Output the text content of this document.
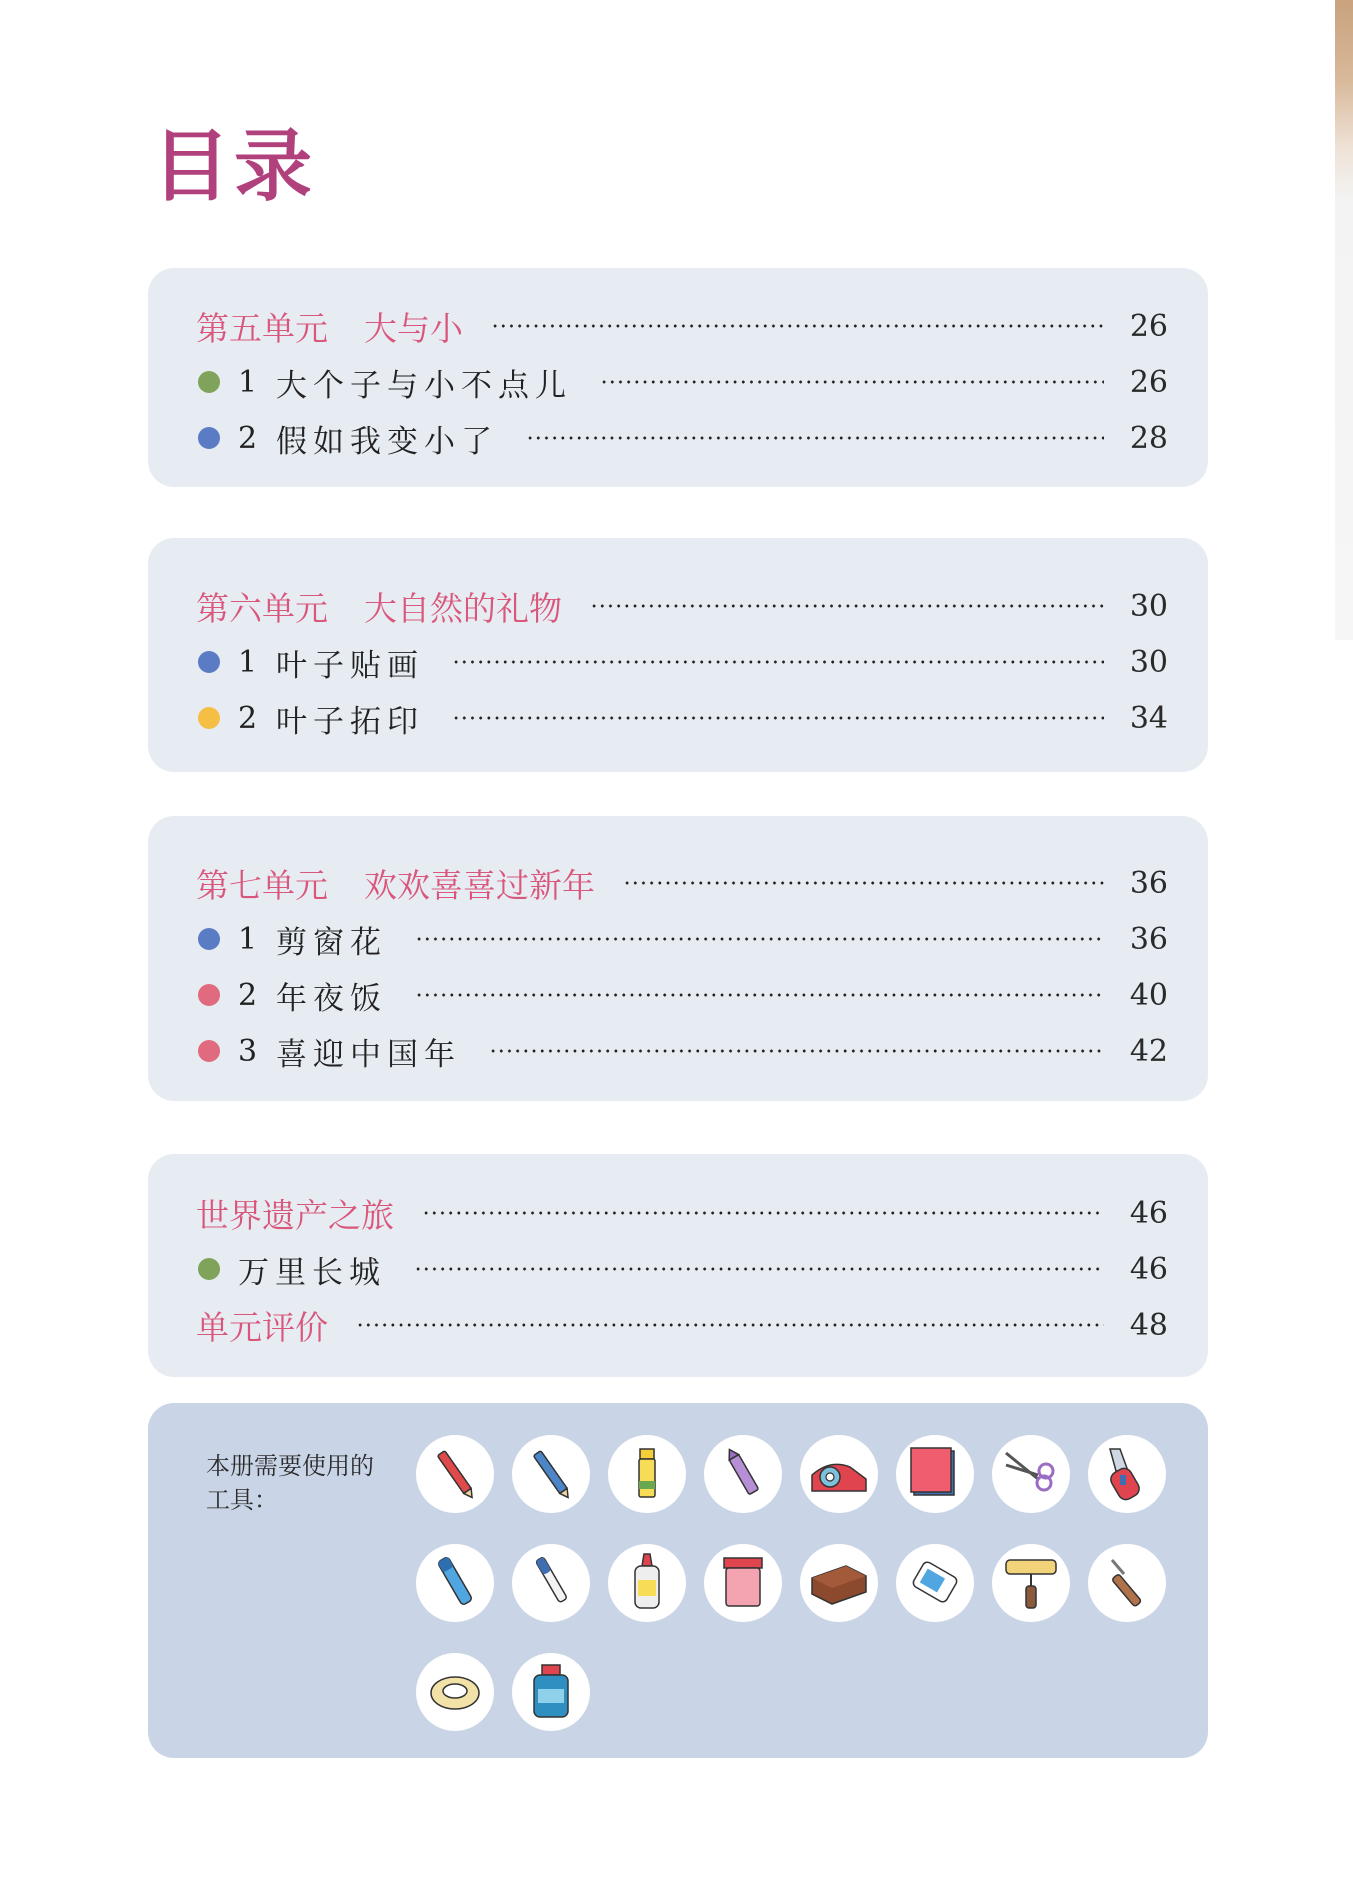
目录
第五单元 大与小	26
1 大个子与小不点儿	26
2 假如我变小了	28
第六单元 大自然的礼物	30
1 叶子贴画	30
2 叶子拓印	34
第七单元 欢欢喜喜过新年	36
1 剪窗花	36
2 年夜饭	40
3 喜迎中国年	42
世界遗产之旅	46
万里长城	46
单元评价	48
本册需要使用的工具：
